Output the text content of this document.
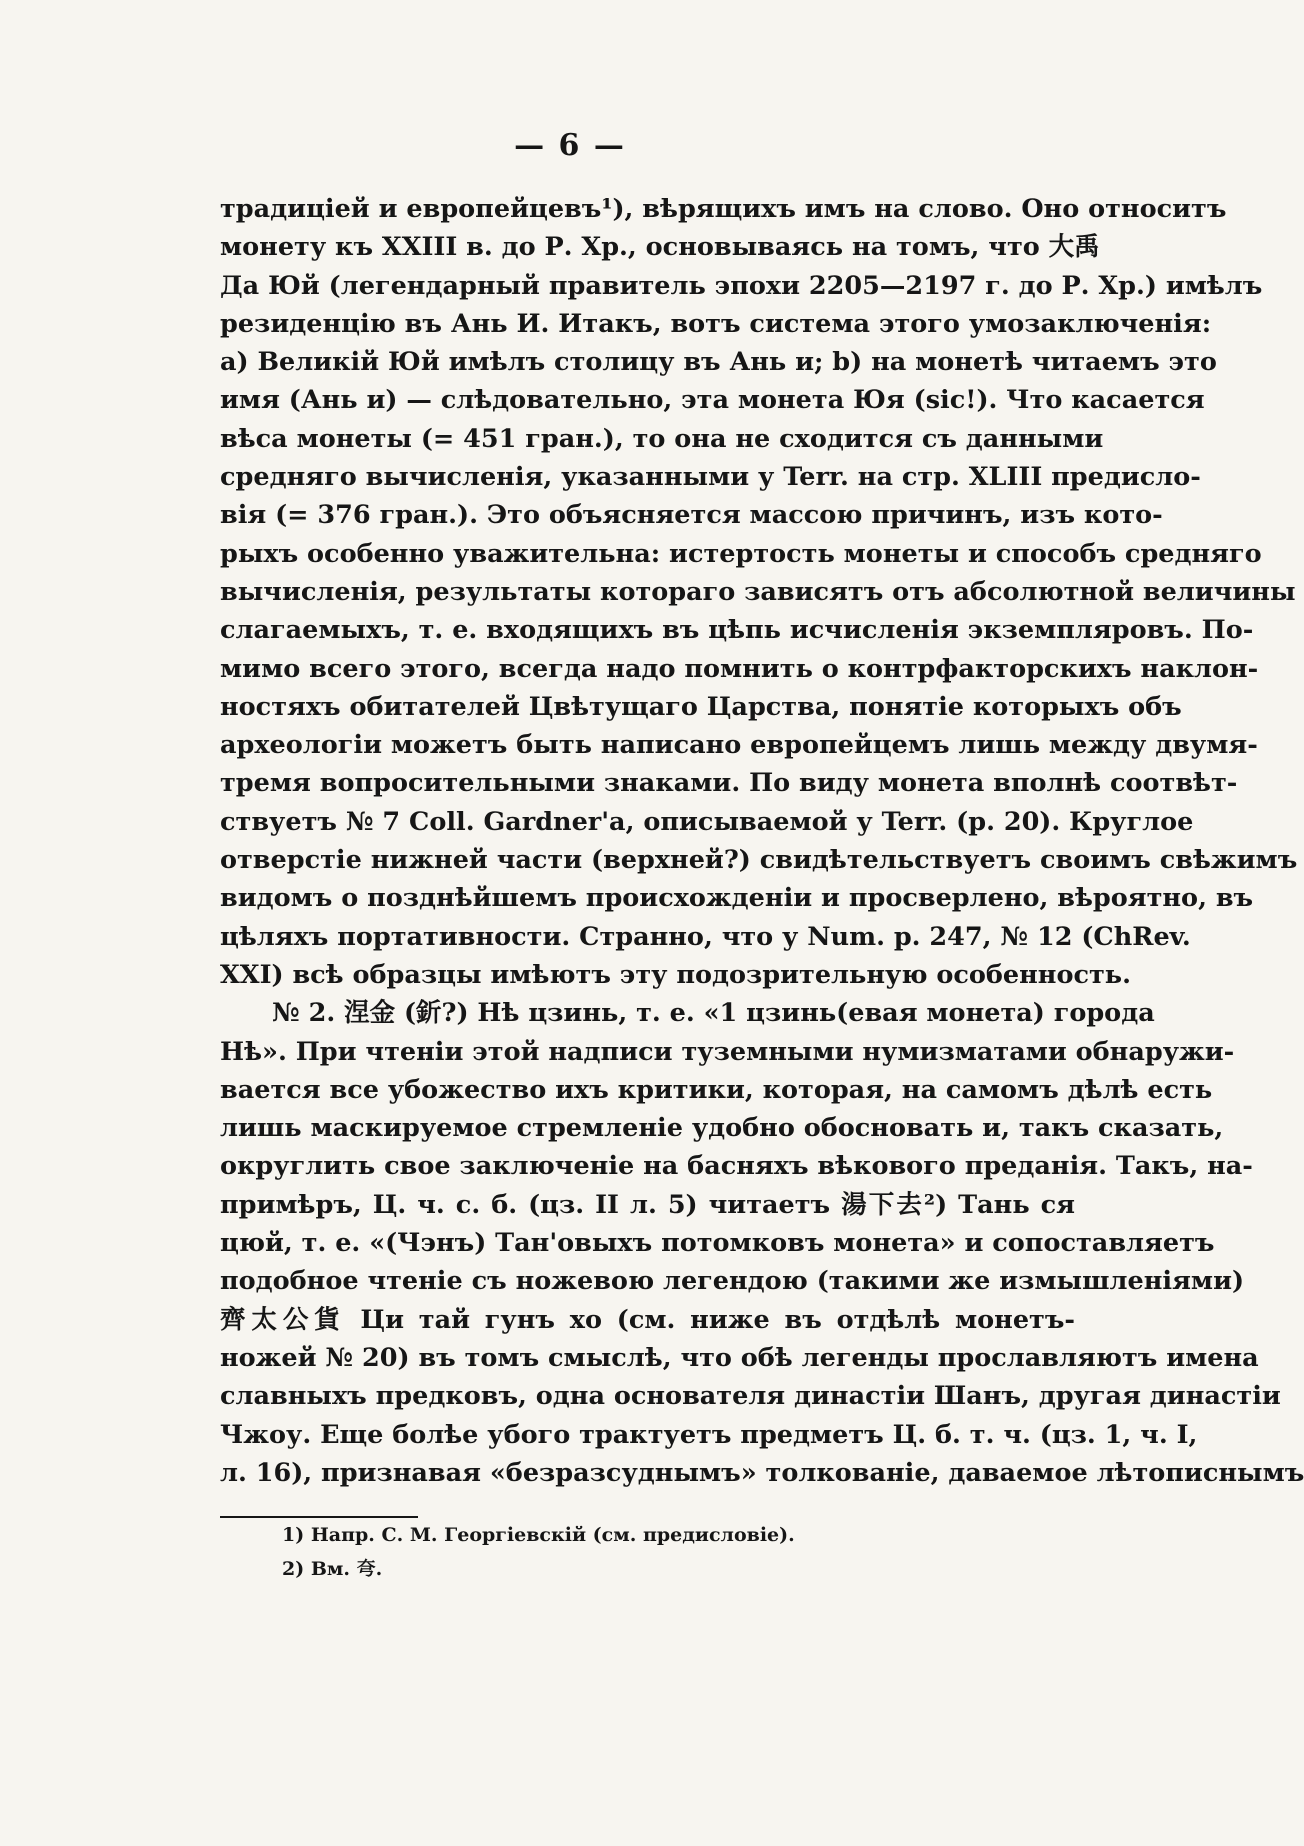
— 6 —
традиціей и европейцевъ¹), вѣрящихъ имъ на слово. Оно относитъ
монету къ XXIII в. до Р. Хр., основываясь на томъ, что 大禹
Да Юй (легендарный правитель эпохи 2205—2197 г. до Р. Хр.) имѣлъ
резиденцію въ Ань И. Итакъ, вотъ система этого умозаключенія:
a) Великій Юй имѣлъ столицу въ Ань и; b) на монетѣ читаемъ это
имя (Ань и) — слѣдовательно, эта монета Юя (sic!). Что касается
вѣса монеты (= 451 гран.), то она не сходится съ данными
средняго вычисленія, указанными у Terr. на стр. XLIII предисло-
вія (= 376 гран.). Это объясняется массою причинъ, изъ кото-
рыхъ особенно уважительна: истертость монеты и способъ средняго
вычисленія, результаты котораго зависятъ отъ абсолютной величины
слагаемыхъ, т. е. входящихъ въ цѣпь исчисленія экземпляровъ. По-
мимо всего этого, всегда надо помнить о контрфакторскихъ наклон-
ностяхъ обитателей Цвѣтущаго Царства, понятіе которыхъ объ
археологіи можетъ быть написано европейцемъ лишь между двумя-
тремя вопросительными знаками. По виду монета вполнѣ соотвѣт-
ствуетъ № 7 Coll. Gardner'а, описываемой у Terr. (p. 20). Круглое
отверстіе нижней части (верхней?) свидѣтельствуетъ своимъ свѣжимъ
видомъ о позднѣйшемъ происхожденіи и просверлено, вѣроятно, въ
цѣляхъ портативности. Странно, что у Num. p. 247, № 12 (ChRev.
XXI) всѣ образцы имѣютъ эту подозрительную особенность.
№ 2. 涅金 (釿?) Нѣ цзинь, т. е. «1 цзинь(евая монета) города
Нѣ». При чтеніи этой надписи туземными нумизматами обнаружи-
вается все убожество ихъ критики, которая, на самомъ дѣлѣ есть
лишь маскируемое стремленіе удобно обосновать и, такъ сказать,
округлить свое заключеніе на басняхъ вѣкового преданія. Такъ, на-
примѣръ, Ц. ч. с. б. (цз. II л. 5) читаетъ 湯下去²) Тань ся
цюй, т. е. «(Чэнъ) Тан'овыхъ потомковъ монета» и сопоставляетъ
подобное чтеніе съ ножевою легендою (такими же измышленіями)
齊太公貨 Ци тай гунъ хо (см. ниже въ отдѣлѣ монетъ-
ножей № 20) въ томъ смыслѣ, что обѣ легенды прославляютъ имена
славныхъ предковъ, одна основателя династіи Шанъ, другая династіи
Чжоу. Еще болѣе убого трактуетъ предметъ Ц. б. т. ч. (цз. 1, ч. I,
л. 16), признавая «безразсуднымъ» толкованіе, даваемое лѣтописнымъ
1) Напр. С. М. Георгіевскій (см. предисловіе).
2) Вм. 𡗝.
